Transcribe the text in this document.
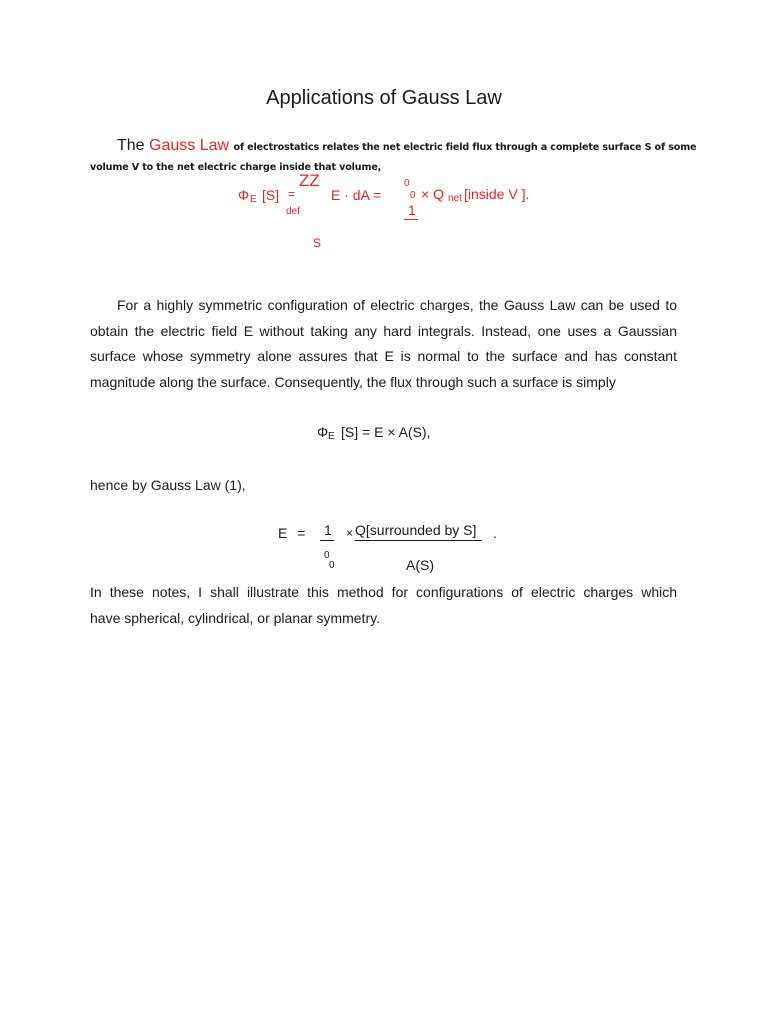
Applications of Gauss Law
The Gauss Law of electrostatics relates the net electric field flux through a complete surface S of some
volume V to the net electric charge inside that volume,
Φ E [S] =
def
ZZ
E · dA =
0
0 × Q net [inside V ].
1
S
For a highly symmetric configuration of electric charges, the Gauss Law can be used to
obtain the electric field E without taking any hard integrals. Instead, one uses a Gaussian
surface whose symmetry alone assures that E is normal to the surface and has constant
magnitude along the surface. Consequently, the flux through such a surface is simply
Φ E [S] = E × A(S),
hence by Gauss Law (1),
E = 1 × Q[surrounded by S] .
0
0	A(S)
In these notes, I shall illustrate this method for configurations of electric charges which
have spherical, cylindrical, or planar symmetry.
